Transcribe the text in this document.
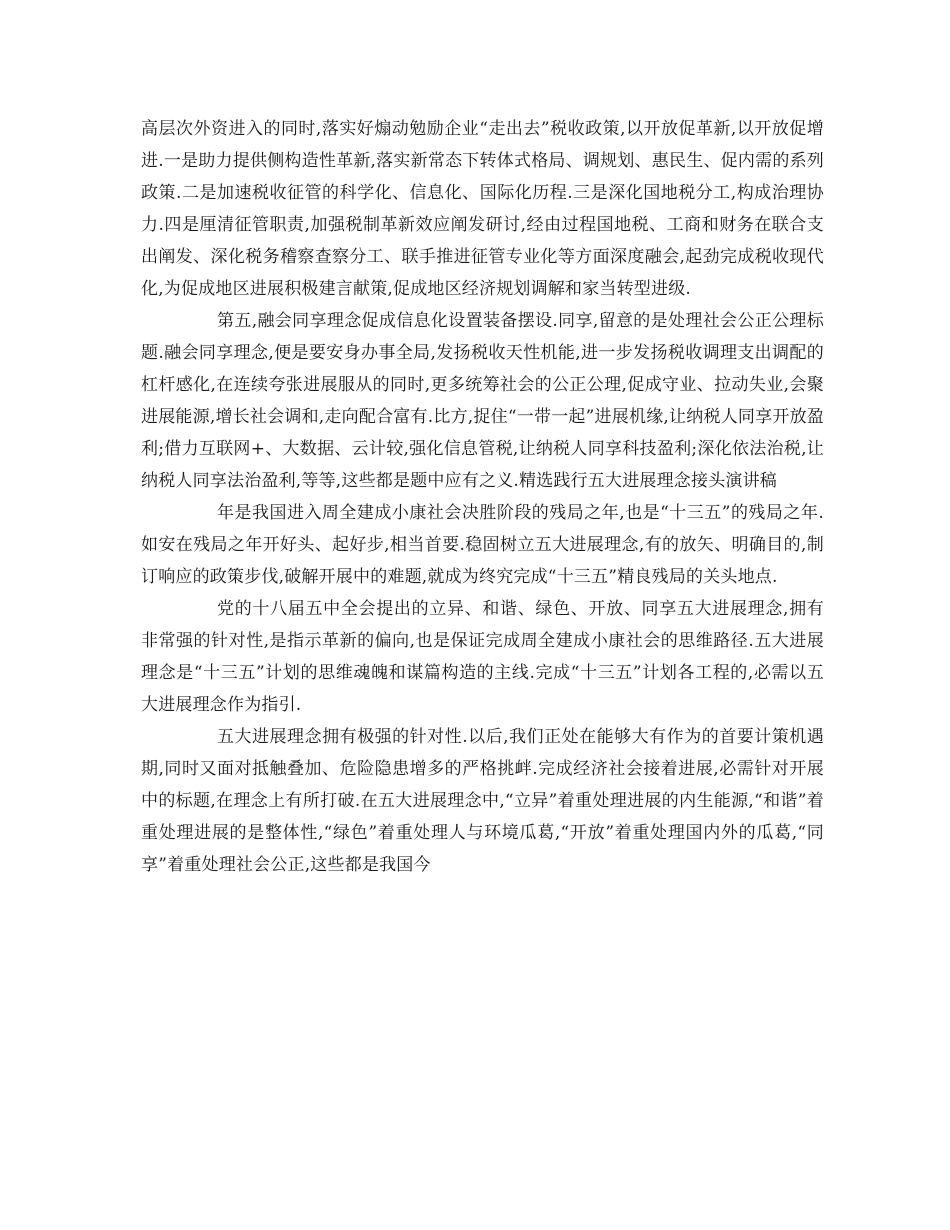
高层次外资进入的同时,落实好煽动勉励企业“走出去”税收政策,以开放促革新,以开放促增进.一是助力提供侧构造性革新,落实新常态下转体式格局、调规划、惠民生、促内需的系列政策.二是加速税收征管的科学化、信息化、国际化历程.三是深化国地税分工,构成治理协力.四是厘清征管职责,加强税制革新效应阐发研讨,经由过程国地税、工商和财务在联合支出阐发、深化税务稽察查察分工、联手推进征管专业化等方面深度融会,起劲完成税收现代化,为促成地区进展积极建言献策,促成地区经济规划调解和家当转型进级.

第五,融会同享理念促成信息化设置装备摆设.同享,留意的是处理社会公正公理标题.融会同享理念,便是要安身办事全局,发扬税收天性机能,进一步发扬税收调理支出调配的杠杆感化,在连续夸张进展服从的同时,更多统筹社会的公正公理,促成守业、拉动失业,会聚进展能源,增长社会调和,走向配合富有.比方,捉住“一带一起”进展机缘,让纳税人同享开放盈利;借力互联网+、大数据、云计较,强化信息管税,让纳税人同享科技盈利;深化依法治税,让纳税人同享法治盈利,等等,这些都是题中应有之义.精选践行五大进展理念接头演讲稿

年是我国进入周全建成小康社会决胜阶段的残局之年,也是“十三五”的残局之年.如安在残局之年开好头、起好步,相当首要.稳固树立五大进展理念,有的放矢、明确目的,制订响应的政策步伐,破解开展中的难题,就成为终究完成“十三五”精良残局的关头地点.

党的十八届五中全会提出的立异、和谐、绿色、开放、同享五大进展理念,拥有非常强的针对性,是指示革新的偏向,也是保证完成周全建成小康社会的思维路径.五大进展理念是“十三五”计划的思维魂魄和谋篇构造的主线.完成“十三五”计划各工程的,必需以五大进展理念作为指引.

五大进展理念拥有极强的针对性.以后,我们正处在能够大有作为的首要计策机遇期,同时又面对抵触叠加、危险隐患增多的严格挑衅.完成经济社会接着进展,必需针对开展中的标题,在理念上有所打破.在五大进展理念中,“立异”着重处理进展的内生能源,“和谐”着重处理进展的是整体性,“绿色”着重处理人与环境瓜葛,“开放”着重处理国内外的瓜葛,“同享”着重处理社会公正,这些都是我国今
